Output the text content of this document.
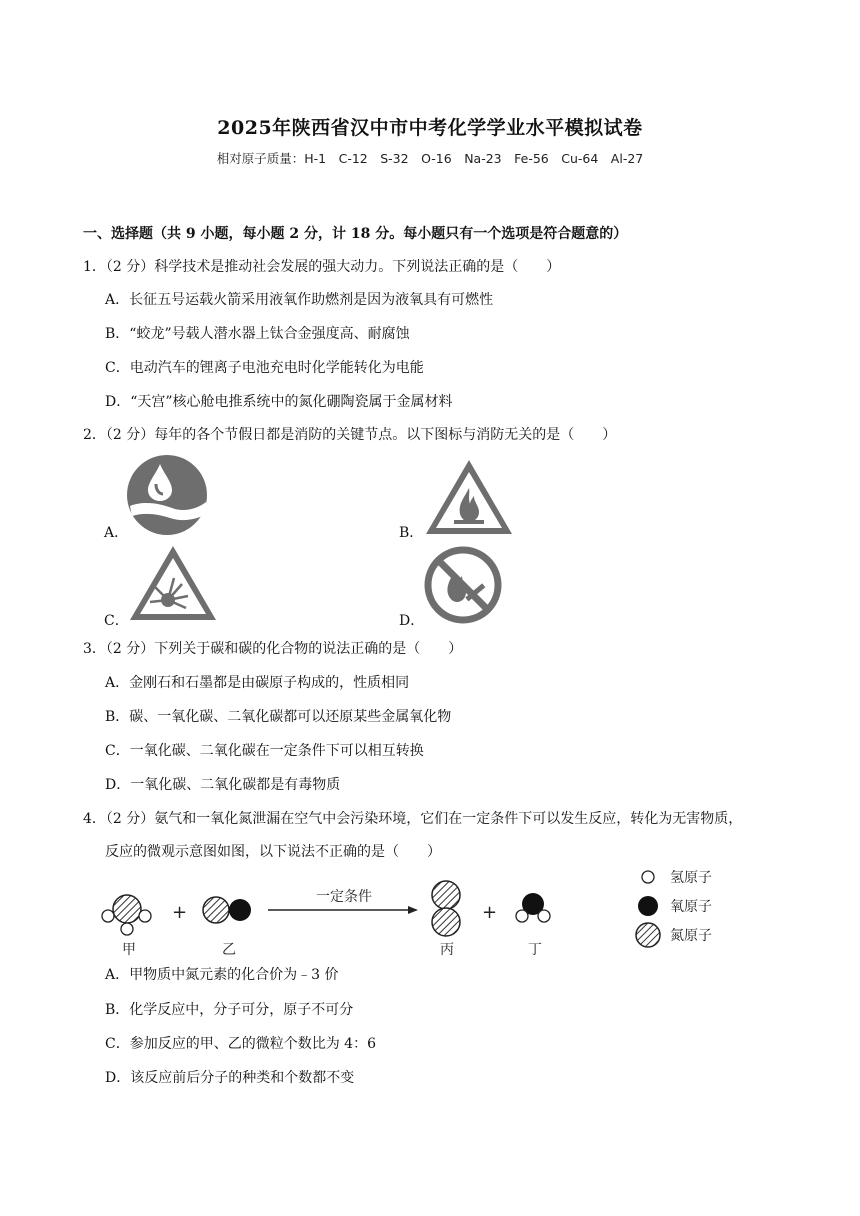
2025年陕西省汉中市中考化学学业水平模拟试卷
相对原子质量：H-1　C-12　S-32　O-16　Na-23　Fe-56　Cu-64　Al-27
一、选择题（共 9 小题，每小题 2 分，计 18 分。每小题只有一个选项是符合题意的）
1．（2 分）科学技术是推动社会发展的强大动力。下列说法正确的是（　　）
A．长征五号运载火箭采用液氧作助燃剂是因为液氧具有可燃性
B．“蛟龙”号载人潜水器上钛合金强度高、耐腐蚀
C．电动汽车的锂离子电池充电时化学能转化为电能
D．“天宫”核心舱电推系统中的氮化硼陶瓷属于金属材料
2．（2 分）每年的各个节假日都是消防的关键节点。以下图标与消防无关的是（　　）
A．	B．
C．	D．
3．（2 分）下列关于碳和碳的化合物的说法正确的是（　　）
A．金刚石和石墨都是由碳原子构成的，性质相同
B．碳、一氧化碳、二氧化碳都可以还原某些金属氧化物
C．一氧化碳、二氧化碳在一定条件下可以相互转换
D．一氧化碳、二氧化碳都是有毒物质
4．（2 分）氨气和一氧化氮泄漏在空气中会污染环境，它们在一定条件下可以发生反应，转化为无害物质，
反应的微观示意图如图，以下说法不正确的是（　　）
甲
+
乙
一定条件
丙
+
丁
氢原子
氧原子
氮原子
A．甲物质中氮元素的化合价为﹣3 价
B．化学反应中，分子可分，原子不可分
C．参加反应的甲、乙的微粒个数比为 4：6
D．该反应前后分子的种类和个数都不变
